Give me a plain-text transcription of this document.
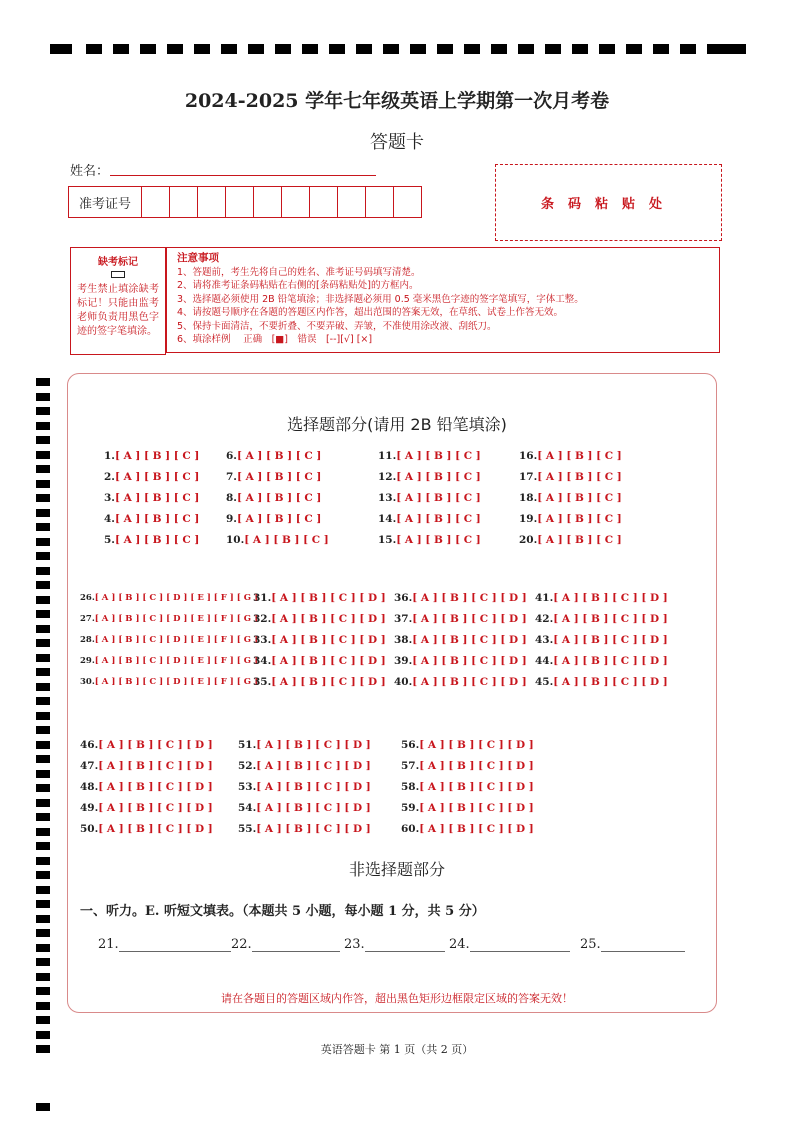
2024-2025 学年七年级英语上学期第一次月考卷
答题卡
姓名：
准考证号	条码粘贴处
缺考标记
考生禁止填涂缺考标记！只能由监考老师负责用黑色字迹的签字笔填涂。
注意事项
1、答题前，考生先将自己的姓名、准考证号码填写清楚。
2、请将准考证条码粘贴在右侧的[条码粘贴处]的方框内。
3、选择题必须使用 2B 铅笔填涂；非选择题必须用 0.5 毫米黑色字迹的签字笔填写，字体工整。
4、请按题号顺序在各题的答题区内作答，超出范围的答案无效，在草纸、试卷上作答无效。
5、保持卡面清洁，不要折叠、不要弄破、弄皱，不准使用涂改液、刮纸刀。
6、填涂样例　 正确　[■]　错误　[--][√] [×]
选择题部分(请用 2B 铅笔填涂)
1.[ A ] [ B ] [ C ]
2.[ A ] [ B ] [ C ]
3.[ A ] [ B ] [ C ]
4.[ A ] [ B ] [ C ]
5.[ A ] [ B ] [ C ]
6.[ A ] [ B ] [ C ]
7.[ A ] [ B ] [ C ]
8.[ A ] [ B ] [ C ]
9.[ A ] [ B ] [ C ]
10.[ A ] [ B ] [ C ]
11.[ A ] [ B ] [ C ]
12.[ A ] [ B ] [ C ]
13.[ A ] [ B ] [ C ]
14.[ A ] [ B ] [ C ]
15.[ A ] [ B ] [ C ]
16.[ A ] [ B ] [ C ]
17.[ A ] [ B ] [ C ]
18.[ A ] [ B ] [ C ]
19.[ A ] [ B ] [ C ]
20.[ A ] [ B ] [ C ]
26.[ A ] [ B ] [ C ] [ D ] [ E ] [ F ] [ G ]
27.[ A ] [ B ] [ C ] [ D ] [ E ] [ F ] [ G ]
28.[ A ] [ B ] [ C ] [ D ] [ E ] [ F ] [ G ]
29.[ A ] [ B ] [ C ] [ D ] [ E ] [ F ] [ G ]
30.[ A ] [ B ] [ C ] [ D ] [ E ] [ F ] [ G ]
31.[ A ] [ B ] [ C ] [ D ]
32.[ A ] [ B ] [ C ] [ D ]
33.[ A ] [ B ] [ C ] [ D ]
34.[ A ] [ B ] [ C ] [ D ]
35.[ A ] [ B ] [ C ] [ D ]
36.[ A ] [ B ] [ C ] [ D ]
37.[ A ] [ B ] [ C ] [ D ]
38.[ A ] [ B ] [ C ] [ D ]
39.[ A ] [ B ] [ C ] [ D ]
40.[ A ] [ B ] [ C ] [ D ]
41.[ A ] [ B ] [ C ] [ D ]
42.[ A ] [ B ] [ C ] [ D ]
43.[ A ] [ B ] [ C ] [ D ]
44.[ A ] [ B ] [ C ] [ D ]
45.[ A ] [ B ] [ C ] [ D ]
46.[ A ] [ B ] [ C ] [ D ]
47.[ A ] [ B ] [ C ] [ D ]
48.[ A ] [ B ] [ C ] [ D ]
49.[ A ] [ B ] [ C ] [ D ]
50.[ A ] [ B ] [ C ] [ D ]
51.[ A ] [ B ] [ C ] [ D ]
52.[ A ] [ B ] [ C ] [ D ]
53.[ A ] [ B ] [ C ] [ D ]
54.[ A ] [ B ] [ C ] [ D ]
55.[ A ] [ B ] [ C ] [ D ]
56.[ A ] [ B ] [ C ] [ D ]
57.[ A ] [ B ] [ C ] [ D ]
58.[ A ] [ B ] [ C ] [ D ]
59.[ A ] [ B ] [ C ] [ D ]
60.[ A ] [ B ] [ C ] [ D ]
非选择题部分
一、听力。E. 听短文填表。（本题共 5 小题，每小题 1 分，共 5 分）
21.	22.	23.	24.	25.
请在各题目的答题区域内作答，超出黑色矩形边框限定区域的答案无效！
英语答题卡 第 1 页（共 2 页）
